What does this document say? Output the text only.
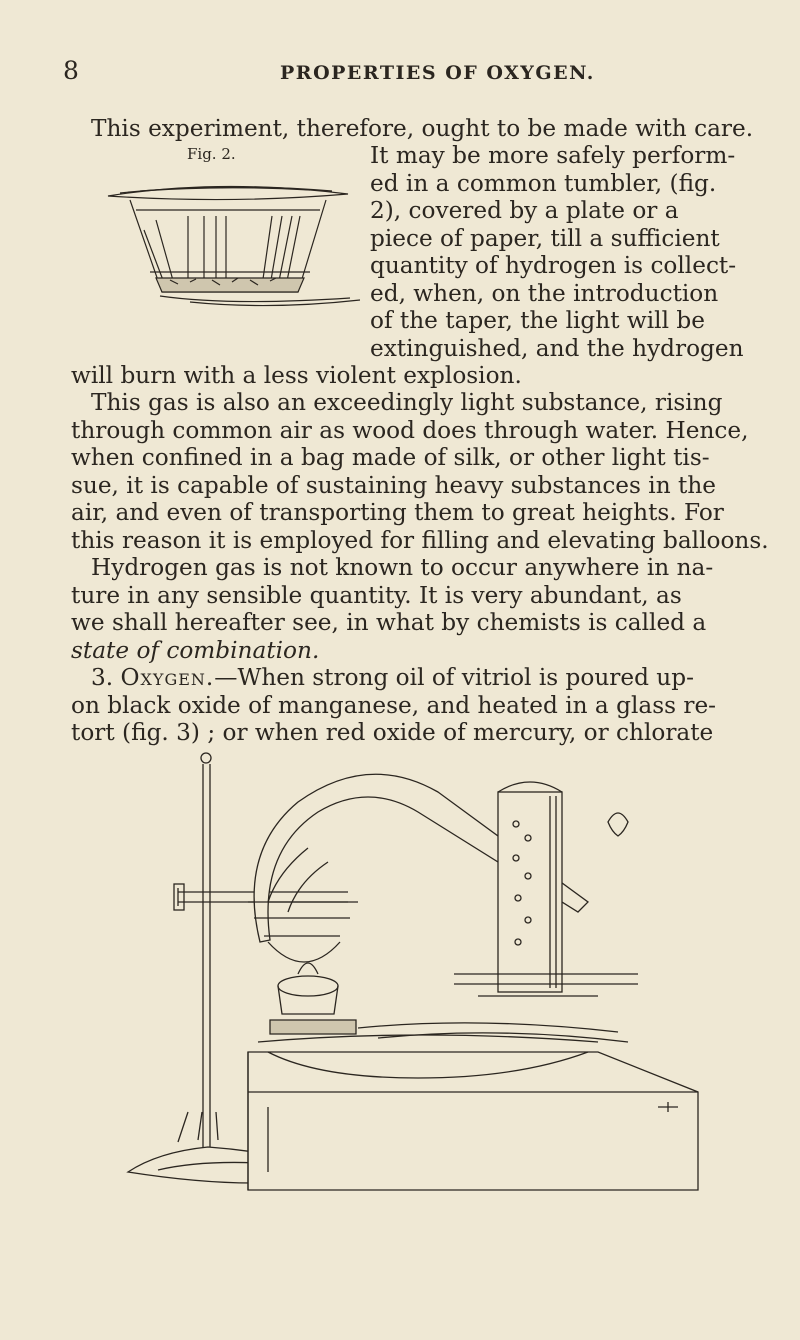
8	PROPERTIES OF OXYGEN.
This experiment, therefore, ought to be made with care.
Fig. 2.	It may be more safely perform-
ed in a common tumbler, (fig.
2), covered by a plate or a
piece of paper, till a sufficient
quantity of hydrogen is collect-
ed, when, on the introduction
of the taper, the light will be
extinguished, and the hydrogen
will burn with a less violent explosion.
This gas is also an exceedingly light substance, rising
through common air as wood does through water. Hence,
when confined in a bag made of silk, or other light tis-
sue, it is capable of sustaining heavy substances in the
air, and even of transporting them to great heights. For
this reason it is employed for filling and elevating balloons.
Hydrogen gas is not known to occur anywhere in na-
ture in any sensible quantity. It is very abundant, as
we shall hereafter see, in what by chemists is called a
state of combination.
3. Oxygen.—When strong oil of vitriol is poured up-
on black oxide of manganese, and heated in a glass re-
tort (fig. 3) ; or when red oxide of mercury, or chlorate
